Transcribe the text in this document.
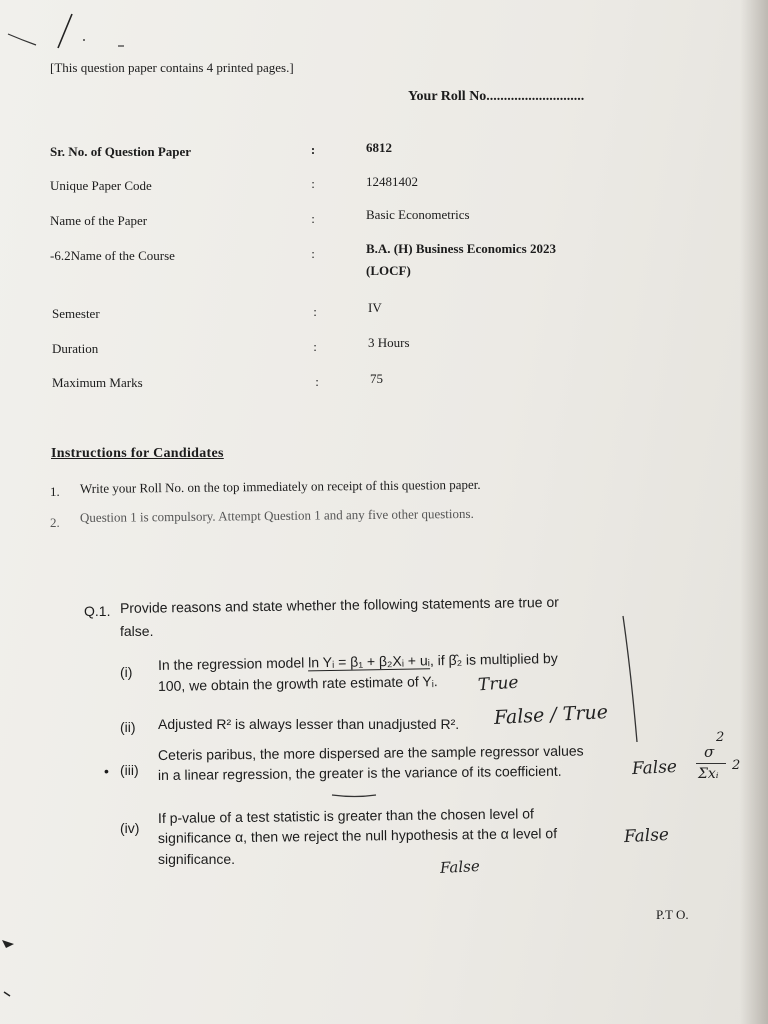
[This question paper contains 4 printed pages.]
Your Roll No............................
Sr. No. of Question Paper	:	6812
Unique Paper Code	:	12481402
Name of the Paper	:	Basic Econometrics
-6.2Name of the Course	:	B.A. (H) Business Economics 2023
(LOCF)
Semester	:	IV
Duration	:	3 Hours
Maximum Marks	:	75
Instructions for Candidates
1. Write your Roll No. on the top immediately on receipt of this question paper.
2. Question 1 is compulsory. Attempt Question 1 and any five other questions.
Q.1. Provide reasons and state whether the following statements are true or
false.
(i) In the regression model ln Yᵢ = β₁ + β₂Xᵢ + uᵢ, if β̂₂ is multiplied by
100, we obtain the growth rate estimate of Yᵢ. True
(ii) Adjusted R² is always lesser than unadjusted R². False / True
• (iii)
Ceteris paribus, the more dispersed are the sample regressor values
in a linear regression, the greater is the variance of its coefficient.	False
2
σ
Σxᵢ
2
(iv)
If p-value of a test statistic is greater than the chosen level of
significance α, then we reject the null hypothesis at the α level of
significance.
False
False
P.T O.
